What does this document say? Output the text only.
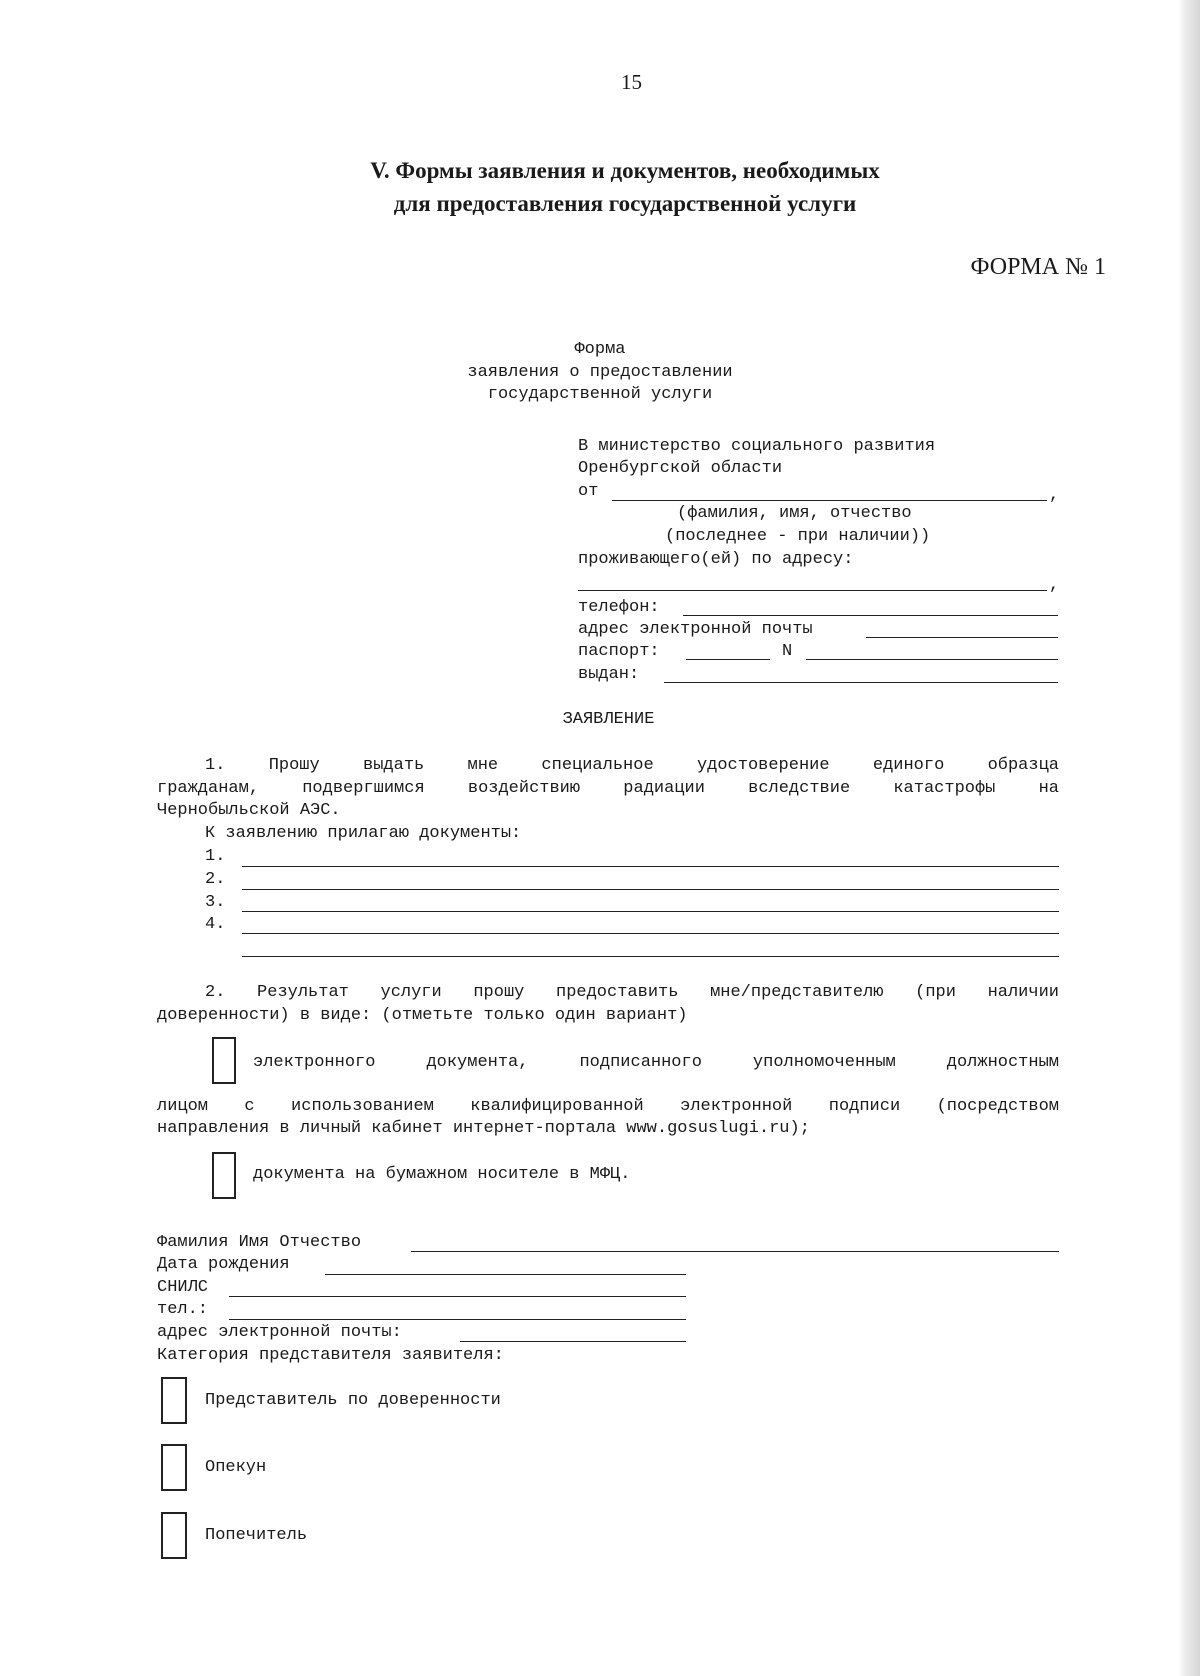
15
V. Формы заявления и документов, необходимых
для предоставления государственной услуги
ФОРМА № 1
Форма
заявления о предоставлении
государственной услуги
В министерство социального развития
Оренбургской области
от	,
(фамилия, имя, отчество
(последнее - при наличии))
проживающего(ей) по адресу:
,
телефон:
адрес электронной почты
паспорт:	N
выдан:
ЗАЯВЛЕНИЕ
1. Прошу выдать мне специальное удостоверение единого образца
гражданам, подвергшимся воздействию радиации вследствие катастрофы на
Чернобыльской АЭС.
К заявлению прилагаю документы:
1.
2.
3.
4.
2. Результат услуги прошу предоставить мне/представителю (при наличии
доверенности) в виде: (отметьте только один вариант)
электронного документа, подписанного уполномоченным должностным
лицом с использованием квалифицированной электронной подписи (посредством
направления в личный кабинет интернет-портала www.gosuslugi.ru);
документа на бумажном носителе в МФЦ.
Фамилия Имя Отчество
Дата рождения
СНИЛС
тел.:
адрес электронной почты:
Категория представителя заявителя:
Представитель по доверенности
Опекун
Попечитель
